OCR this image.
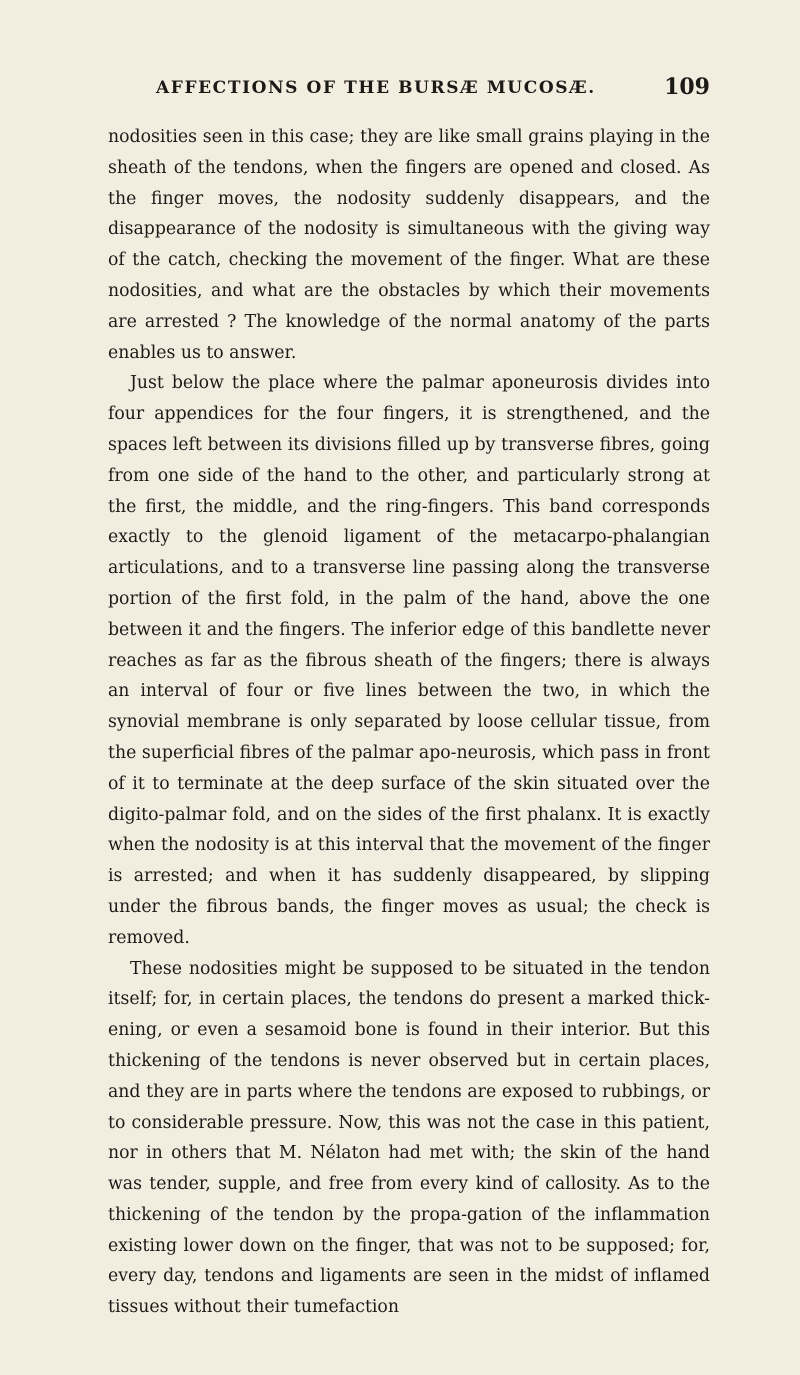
AFFECTIONS OF THE BURSÆ MUCOSÆ.	109

nodosities seen in this case; they are like small grains playing in the sheath of the tendons, when the fingers are opened and closed. As the finger moves, the nodosity suddenly disappears, and the disappearance of the nodosity is simultaneous with the giving way of the catch, checking the movement of the finger. What are these nodosities, and what are the obstacles by which their movements are arrested ? The knowledge of the normal anatomy of the parts enables us to answer.

Just below the place where the palmar aponeurosis divides into four appendices for the four fingers, it is strengthened, and the spaces left between its divisions filled up by transverse fibres, going from one side of the hand to the other, and particularly strong at the first, the middle, and the ring-fingers. This band corresponds exactly to the glenoid ligament of the metacarpo-phalangian articulations, and to a transverse line passing along the transverse portion of the first fold, in the palm of the hand, above the one between it and the fingers. The inferior edge of this bandlette never reaches as far as the fibrous sheath of the fingers; there is always an interval of four or five lines between the two, in which the synovial membrane is only separated by loose cellular tissue, from the superficial fibres of the palmar apo-neurosis, which pass in front of it to terminate at the deep surface of the skin situated over the digito-palmar fold, and on the sides of the first phalanx. It is exactly when the nodosity is at this interval that the movement of the finger is arrested; and when it has suddenly disappeared, by slipping under the fibrous bands, the finger moves as usual; the check is removed.

These nodosities might be supposed to be situated in the tendon itself; for, in certain places, the tendons do present a marked thick-ening, or even a sesamoid bone is found in their interior. But this thickening of the tendons is never observed but in certain places, and they are in parts where the tendons are exposed to rubbings, or to considerable pressure. Now, this was not the case in this patient, nor in others that M. Nélaton had met with; the skin of the hand was tender, supple, and free from every kind of callosity. As to the thickening of the tendon by the propa-gation of the inflammation existing lower down on the finger, that was not to be supposed; for, every day, tendons and ligaments are seen in the midst of inflamed tissues without their tumefaction
